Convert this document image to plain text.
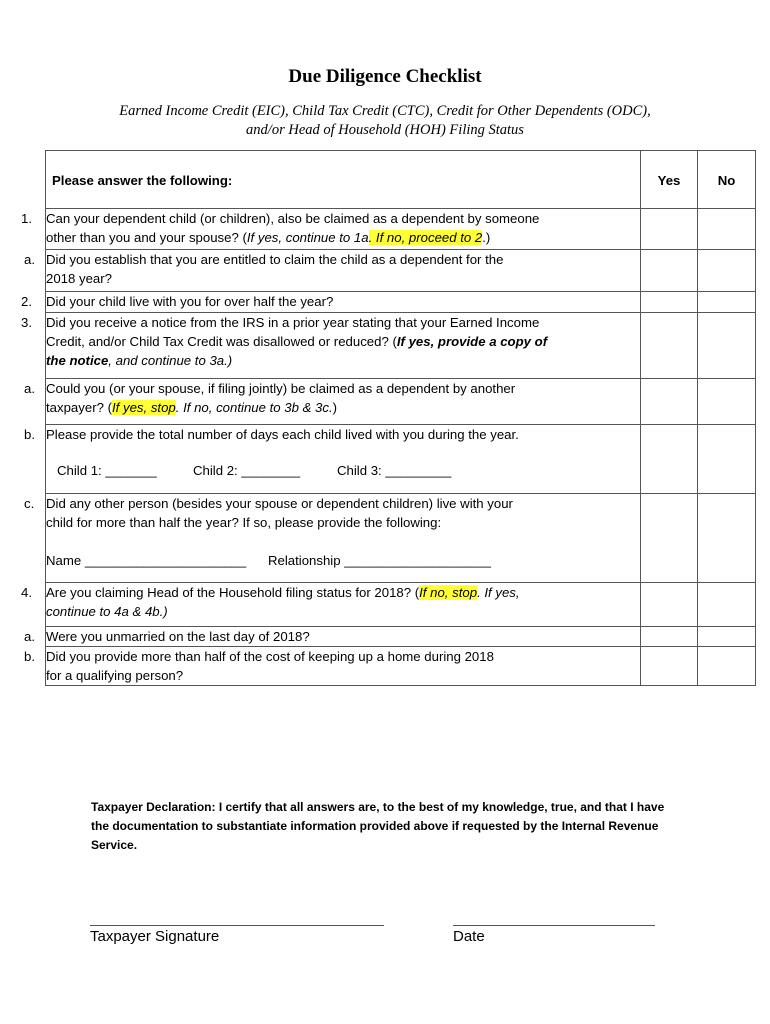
Due Diligence Checklist
Earned Income Credit (EIC), Child Tax Credit (CTC), Credit for Other Dependents (ODC),
and/or Head of Household (HOH) Filing Status
Please answer the following:	Yes	No

1. Can your dependent child (or children), also be claimed as a dependent by someone
other than you and your spouse? (If yes, continue to 1a. If no, proceed to 2.)		

a. Did you establish that you are entitled to claim the child as a dependent for the
2018 year?		

2. Did your child live with you for over half the year?		

3. Did you receive a notice from the IRS in a prior year stating that your Earned Income
Credit, and/or Child Tax Credit was disallowed or reduced? (If yes, provide a copy of
the notice, and continue to 3a.)		

a. Could you (or your spouse, if filing jointly) be claimed as a dependent by another
taxpayer? (If yes, stop. If no, continue to 3b & 3c.)		

b. Please provide the total number of days each child lived with you during the year.
Child 1: _______ Child 2: ________ Child 3: _________		

c. Did any other person (besides your spouse or dependent children) live with your
child for more than half the year? If so, please provide the following:
Name ______________________ Relationship ____________________		

4. Are you claiming Head of the Household filing status for 2018? (If no, stop. If yes,
continue to 4a & 4b.)		

a. Were you unmarried on the last day of 2018?		

b. Did you provide more than half of the cost of keeping up a home during 2018
for a qualifying person?		

Taxpayer Declaration: I certify that all answers are, to the best of my knowledge, true, and that I have
the documentation to substantiate information provided above if requested by the Internal Revenue
Service.
Taxpayer Signature	Date
